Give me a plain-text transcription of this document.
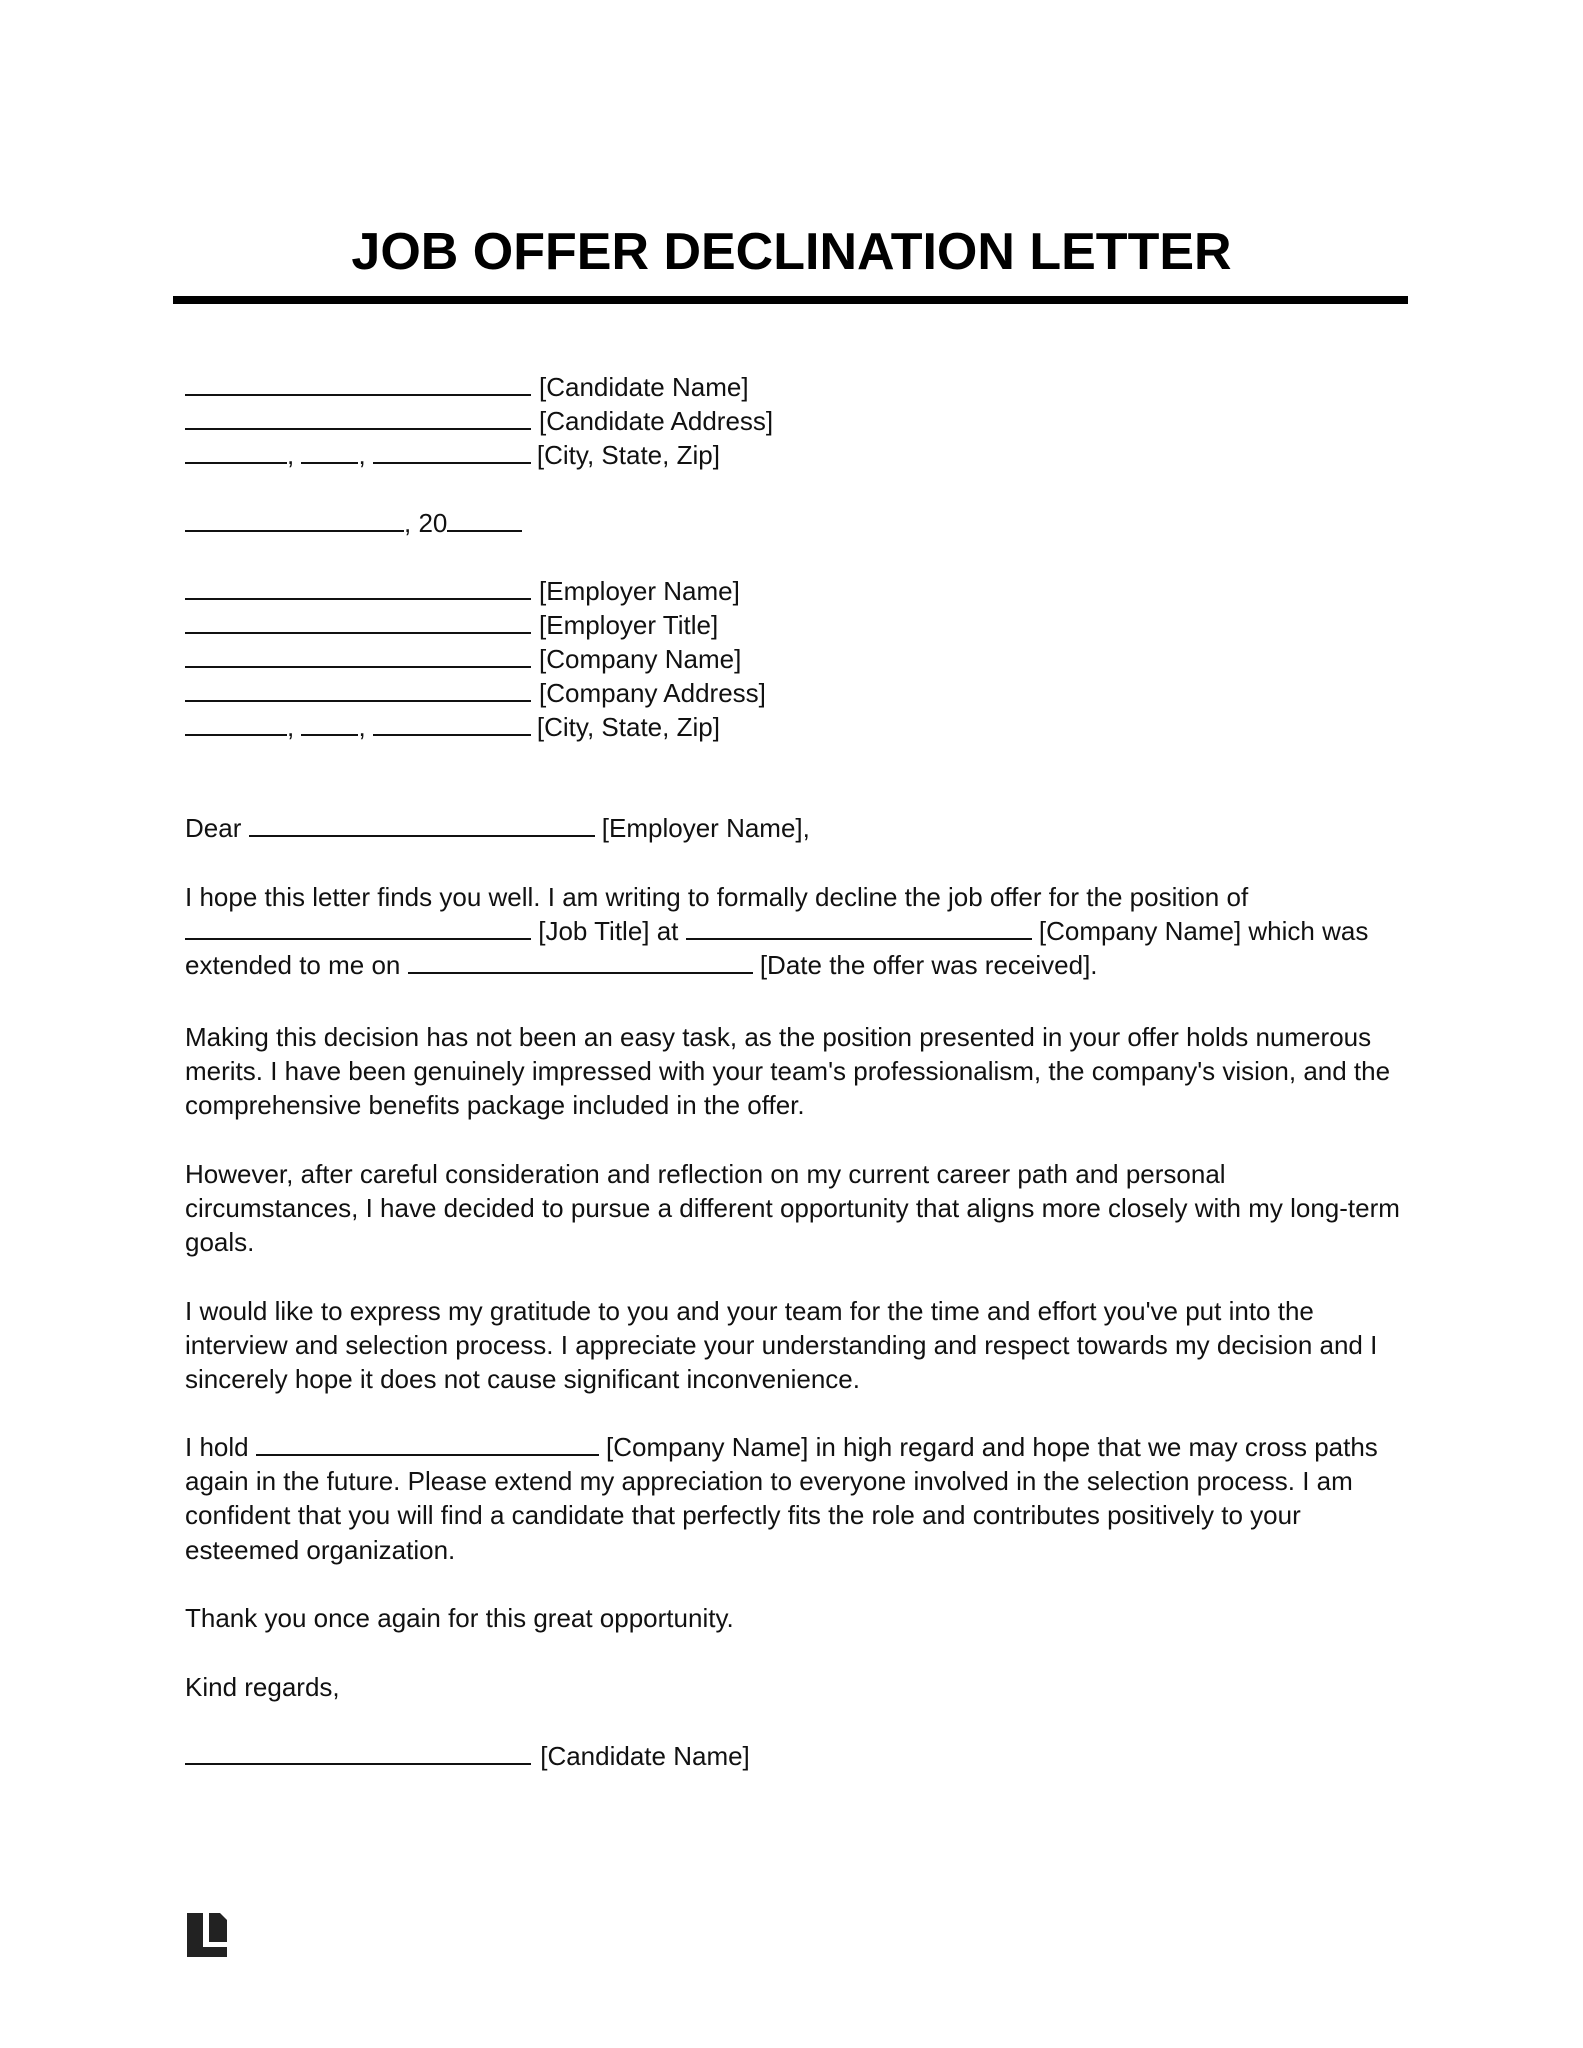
JOB OFFER DECLINATION LETTER
[Candidate Name]
[Candidate Address]
, ,	[City, State, Zip]
, 20
[Employer Name]
[Employer Title]
[Company Name]
[Company Address]
, ,	[City, State, Zip]
Dear	[Employer Name],
I hope this letter finds you well. I am writing to formally decline the job offer for the position of
[Job Title] at	[Company Name] which was
extended to me on	[Date the offer was received].
Making this decision has not been an easy task, as the position presented in your offer holds numerous
merits. I have been genuinely impressed with your team's professionalism, the company's vision, and the
comprehensive benefits package included in the offer.
However, after careful consideration and reflection on my current career path and personal
circumstances, I have decided to pursue a different opportunity that aligns more closely with my long-term
goals.
I would like to express my gratitude to you and your team for the time and effort you've put into the
interview and selection process. I appreciate your understanding and respect towards my decision and I
sincerely hope it does not cause significant inconvenience.
I hold	[Company Name] in high regard and hope that we may cross paths
again in the future. Please extend my appreciation to everyone involved in the selection process. I am
confident that you will find a candidate that perfectly fits the role and contributes positively to your
esteemed organization.
Thank you once again for this great opportunity.
Kind regards,
[Candidate Name]
